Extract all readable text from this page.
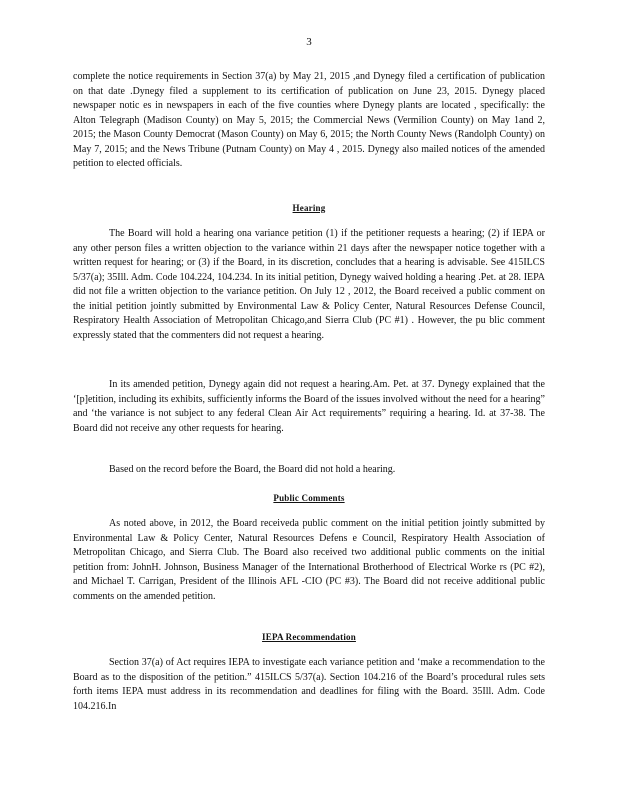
3

complete the notice requirements in Section 37(a) by May 21, 2015 ,and Dynegy filed a certification of publication on that date .Dynegy filed a supplement to its certification of publication on June 23, 2015. Dynegy placed newspaper notic es in newspapers in each of the five counties where Dynegy plants are located , specifically: the Alton Telegraph (Madison County) on May 5, 2015; the Commercial News (Vermilion County) on May 1and 2, 2015; the Mason County Democrat (Mason County) on May 6, 2015; the North County News (Randolph County) on May 7, 2015; and the News Tribune (Putnam County) on May 4 , 2015. Dynegy also mailed notices of the amended petition to elected officials.

Hearing

The Board will hold a hearing ona variance petition (1) if the petitioner requests a hearing; (2) if IEPA or any other person files a written objection to the variance within 21 days after the newspaper notice together with a written request for hearing; or (3) if the Board, in its discretion, concludes that a hearing is advisable. See 415ILCS 5/37(a); 35Ill. Adm. Code 104.224, 104.234. In its initial petition, Dynegy waived holding a hearing .Pet. at 28. IEPA did not file a written objection to the variance petition. On July 12 , 2012, the Board received a public comment on the initial petition jointly submitted by Environmental Law & Policy Center, Natural Resources Defense Council, Respiratory Health Association of Metropolitan Chicago,and Sierra Club (PC #1) . However, the pu blic comment expressly stated that the commenters did not request a hearing.

In its amended petition, Dynegy again did not request a hearing.Am. Pet. at 37. Dynegy explained that the ‘[p]etition, including its exhibits, sufficiently informs the Board of the issues involved without the need for a hearing” and ‘the variance is not subject to any federal Clean Air Act requirements” requiring a hearing. Id. at 37-38. The Board did not receive any other requests for hearing.

Based on the record before the Board, the Board did not hold a hearing.

Public Comments

As noted above, in 2012, the Board receiveda public comment on the initial petition jointly submitted by Environmental Law & Policy Center, Natural Resources Defens e Council, Respiratory Health Association of Metropolitan Chicago, and Sierra Club. The Board also received two additional public comments on the initial petition from: JohnH. Johnson, Business Manager of the International Brotherhood of Electrical Worke rs (PC #2), and Michael T. Carrigan, President of the Illinois AFL -CIO (PC #3). The Board did not receive additional public comments on the amended petition.

IEPA Recommendation

Section 37(a) of Act requires IEPA to investigate each variance petition and ‘make a recommendation to the Board as to the disposition of the petition.” 415ILCS 5/37(a). Section 104.216 of the Board’s procedural rules sets forth items IEPA must address in its recommendation and deadlines for filing with the Board. 35Ill. Adm. Code 104.216.In
